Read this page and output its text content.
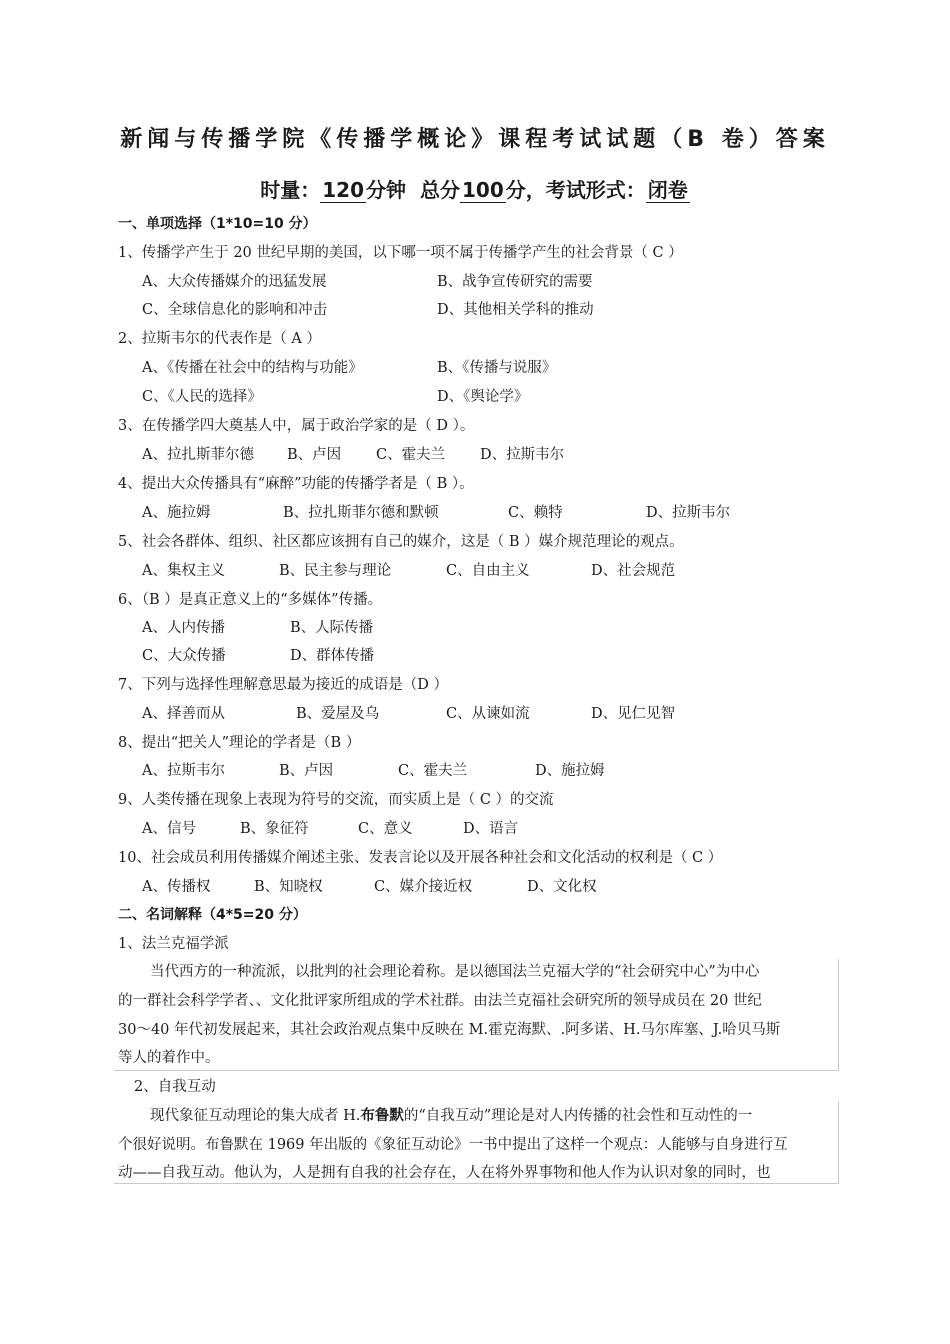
新闻与传播学院《传播学概论》课程考试试题（B 卷）答案
时量： 120 分钟 总分 100 分，考试形式： 闭卷
一、单项选择（1*10=10 分）
1、传播学产生于 20 世纪早期的美国，以下哪一项不属于传播学产生的社会背景（ C ）
A、大众传播媒介的迅猛发展	B、战争宣传研究的需要
C、全球信息化的影响和冲击	D、其他相关学科的推动
2、拉斯韦尔的代表作是（ A ）
A、《传播在社会中的结构与功能》	B、《传播与说服》
C、《人民的选择》	D、《舆论学》
3、在传播学四大奠基人中，属于政治学家的是（ D ）。
A、拉扎斯菲尔德 B、卢因 C、霍夫兰 D、拉斯韦尔
4、提出大众传播具有“麻醉”功能的传播学者是（ B ）。
A、施拉姆	B、拉扎斯菲尔德和默顿	C、赖特	D、拉斯韦尔
5、社会各群体、组织、社区都应该拥有自己的媒介，这是（ B ）媒介规范理论的观点。
A、集权主义	B、民主参与理论	C、自由主义	D、社会规范
6、（B ）是真正意义上的“多媒体”传播。
A、人内传播	B、人际传播
C、大众传播	D、群体传播
7、下列与选择性理解意思最为接近的成语是（D ）
A、择善而从	B、爱屋及乌	C、从谏如流	D、见仁见智
8、提出“把关人”理论的学者是（B ）
A、拉斯韦尔	B、卢因	C、霍夫兰	D、施拉姆
9、人类传播在现象上表现为符号的交流，而实质上是（ C ）的交流
A、信号	B、象征符	C、意义	D、语言
10、社会成员利用传播媒介阐述主张、发表言论以及开展各种社会和文化活动的权利是（ C ）
A、传播权	B、知晓权	C、媒介接近权	D、文化权
二、名词解释（4*5=20 分）
1、法兰克福学派
当代西方的一种流派，以批判的社会理论着称。是以德国法兰克福大学的“社会研究中心”为中心
的一群社会科学学者、、文化批评家所组成的学术社群。由法兰克福社会研究所的领导成员在 20 世纪
30～40 年代初发展起来，其社会政治观点集中反映在 M.霍克海默、.阿多诺、H.马尔库塞、J.哈贝马斯
等人的着作中。
2、自我互动
现代象征互动理论的集大成者 H.布鲁默的“自我互动”理论是对人内传播的社会性和互动性的一
个很好说明。布鲁默在 1969 年出版的《象征互动论》一书中提出了这样一个观点：人能够与自身进行互
动——自我互动。他认为，人是拥有自我的社会存在，人在将外界事物和他人作为认识对象的同时，也
